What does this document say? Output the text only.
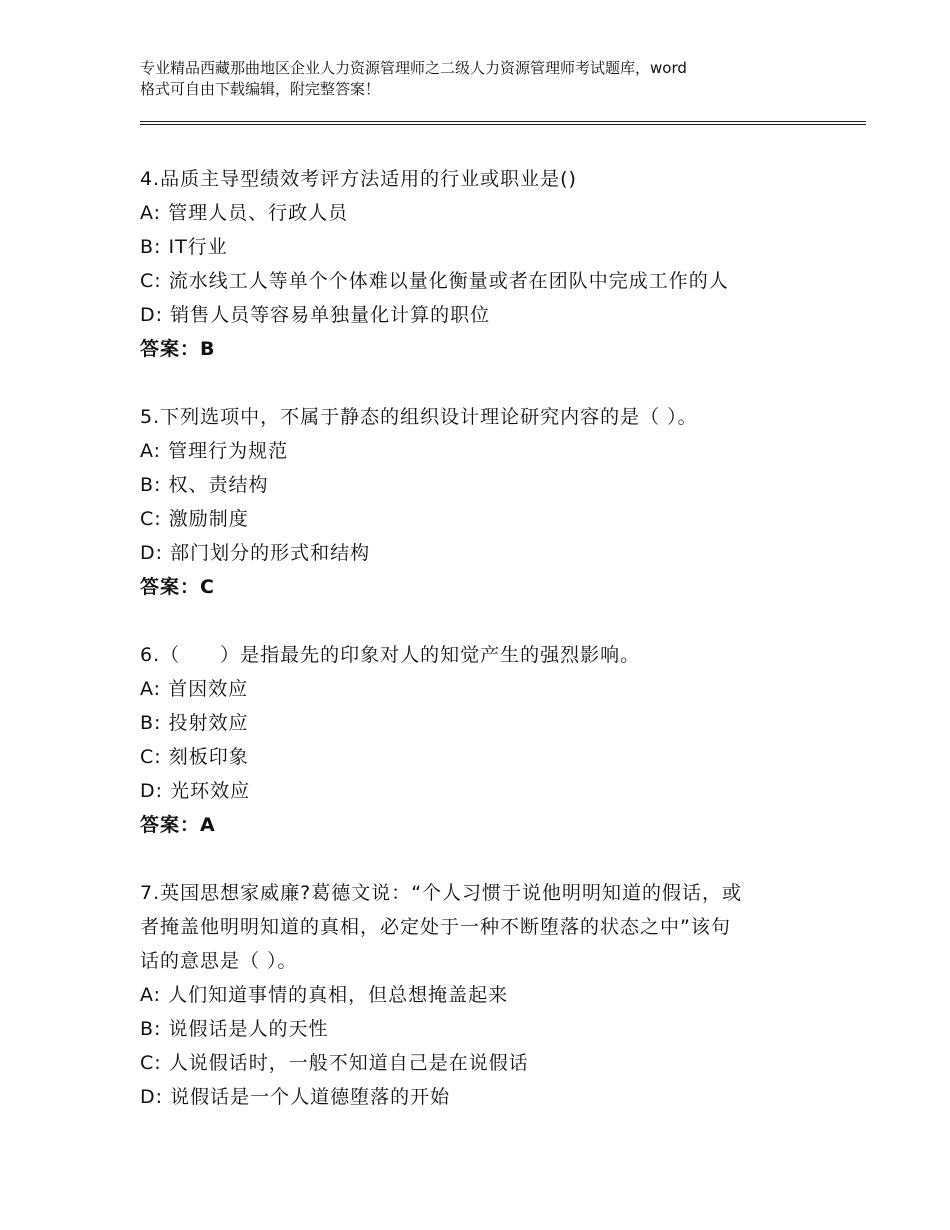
专业精品西藏那曲地区企业人力资源管理师之二级人力资源管理师考试题库，word
格式可自由下载编辑，附完整答案！
4.品质主导型绩效考评方法适用的行业或职业是()
A: 管理人员、行政人员
B: IT行业
C: 流水线工人等单个个体难以量化衡量或者在团队中完成工作的人
D: 销售人员等容易单独量化计算的职位
答案：B
5.下列选项中，不属于静态的组织设计理论研究内容的是（ ）。
A: 管理行为规范
B: 权、责结构
C: 激励制度
D: 部门划分的形式和结构
答案：C
6.（　　）是指最先的印象对人的知觉产生的强烈影响。
A: 首因效应
B: 投射效应
C: 刻板印象
D: 光环效应
答案：A
7.英国思想家威廉?葛德文说：“个人习惯于说他明明知道的假话，或
者掩盖他明明知道的真相，必定处于一种不断堕落的状态之中”该句
话的意思是（ ）。
A: 人们知道事情的真相，但总想掩盖起来
B: 说假话是人的天性
C: 人说假话时，一般不知道自己是在说假话
D: 说假话是一个人道德堕落的开始
